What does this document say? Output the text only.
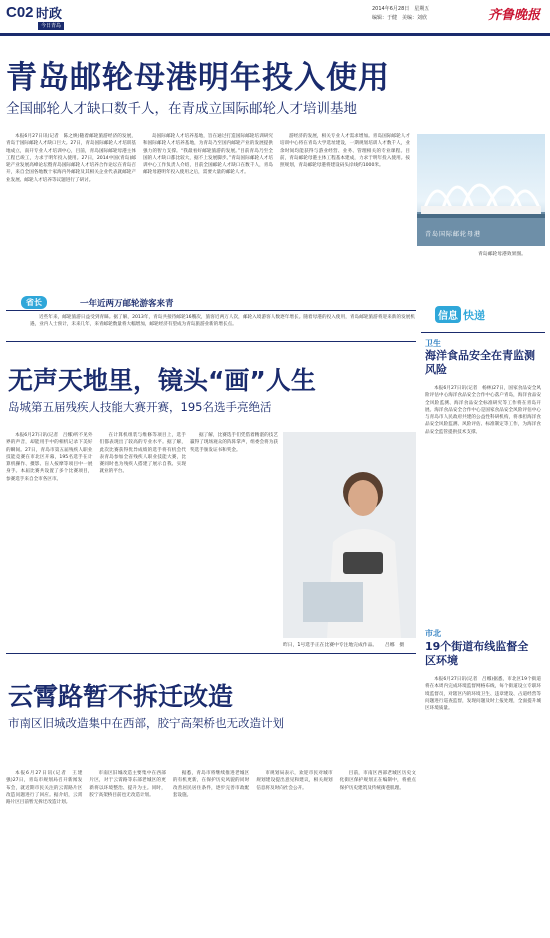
C02 时政
今日青岛
2014年6月28日　星期五
编辑：于健　美编：刘欣	齐鲁晚报
青岛邮轮母港明年投入使用
全国邮轮人才缺口数千人，在青成立国际邮轮人才培训基地

本报6月27日讯(记者　陈之焕)随着邮轮旅游经济的发展，青岛于国际邮轮人才缺口巨大。27日，青岛国际邮轮人才培训基地成立，南开专业人才培训中心，目前，青岛国际邮轮母港主体工程已竣工，力求于明年投入使用。27日，2014中国(青岛)邮轮产业发展高峰论坛暨青岛国际邮轮人才培养合作论坛在青岛召开，来自全国各地数十家海内外邮轮及其相关企业代表就邮轮产业发展、邮轮人才培养等议题进行了研讨。

岛国际邮轮人才培养基地，旨在通过打造国际邮轮培训研究和国际邮轮人才培养基地，为青岛乃至国内邮轮产业的发展提供强力的智力支撑。“我最看好邮轮旅游的发展。”目前青岛乃至全国的人才缺口都比较大，据不上发展脚步。”青岛国际邮轮人才培训中心工作负责人介绍，目前全国邮轮人才缺口在数千人，青岛邮轮母港明年投入使用之后，需要大量的邮轮人才。

游经济的发展，相关专业人才需求增加。青岛国际邮轮人才培训中心将在青岛大学选址建设，一期规划培训人才数千人，业余时间均能获得与游业经营、业务、管理相关的专业课程。目前，青岛邮轮母港主体工程基本建成，力求于明年投入使用。按照规划，青岛邮轮母港将建设码头岸线约1000米。

青岛国际邮轮母港
青岛邮轮母港效果图。
省长	一年近两万邮轮游客来青
近些年来，邮轮旅游日益受到青睐。据了解，2013年，青岛共接待邮轮16艘次，旅客近两万人次，邮轮入境游客人数逐年增长。随着母港的投入使用，青岛邮轮旅游将迎来新的发展机遇，业内人士预计，未来几年，来青邮轮数量将大幅增加，邮轮经济有望成为青岛旅游业新的增长点。
信息 快递
卫生
海洋食品安全在青监测风险

本报6月27日讯(记者　杨林)27日，国家食品安全风险评估中心海洋食品安全合作中心落户青岛，海洋食品安全风险监测、海洋食品安全标准研究等工作将在青岛开展。海洋食品安全合作中心是国家食品安全风险评估中心与青岛市人民政府共建的公益性科研机构，将承担海洋食品安全风险监测、风险评估、标准制定等工作，为海洋食品安全监管提供技术支撑。

市北
19个街道布线监督全区环境

本报6月27日讯(记者　吕娜)据悉，市北区19个街道将在本周内完成环境监督网格布线，每个街道设立专职环境监督员，对辖区内的环境卫生、违章建设、占道经营等问题进行巡查监督，发现问题及时上报处理，全面提升城区环境质量。

无声天地里，镜头“画”人生
岛城第五届残疾人技能大赛开赛，195名选手亮绝活

本报6月27日讯(记者　吕娜)听不见外界的声音，却能用手中的相机记录下美好的瞬间。27日，青岛市第五届残疾人职业技能竞赛在市北区开幕，195名选手在计算机操作、摄影、盲人按摩等项目中一展身手。本届比赛共设置了多个比赛项目，参赛选手来自全市各区市。

在计算机组装与维修等项目上，选手们都表现出了较高的专业水平。据了解，此次比赛获得优异成绩的选手将有机会代表青岛参加全省残疾人职业技能大赛，比赛同时也为残疾人搭建了展示自我、实现就业的平台。

据了解，比赛选手们凭借着精湛的技艺赢得了现场观众的阵阵掌声，组委会将为获奖选手颁发证书和奖金。

昨日，1号选手正在比赛中专注地完成作品。 吕娜　摄
云霄路暂不拆迁改造
市南区旧城改造集中在西部，胶宁高架桥也无改造计划

本报6月27日讯(记者　王建强)27日，青岛市规划局召开新闻发布会，就近期市民关注的云霄路片区改造问题进行了回应。据介绍，云霄路片区目前暂无拆迁改造计划。

市南区旧城改造主要集中在西部片区，对于云霄路等东部老城区的更新将以环境整治、提升为主。同时，胶宁高架桥目前也无改造计划。

据悉，青岛市将继续推进老城区的有机更新，在保护历史风貌的同时改善居民居住条件，逐步完善市政配套设施。

市规划局表示，欢迎市民对城市规划建设提出意见和建议，相关规划信息将及时向社会公开。

目前，市南区西部老城区历史文化街区保护规划正在编制中，将重点保护历史建筑及传统街巷肌理。
